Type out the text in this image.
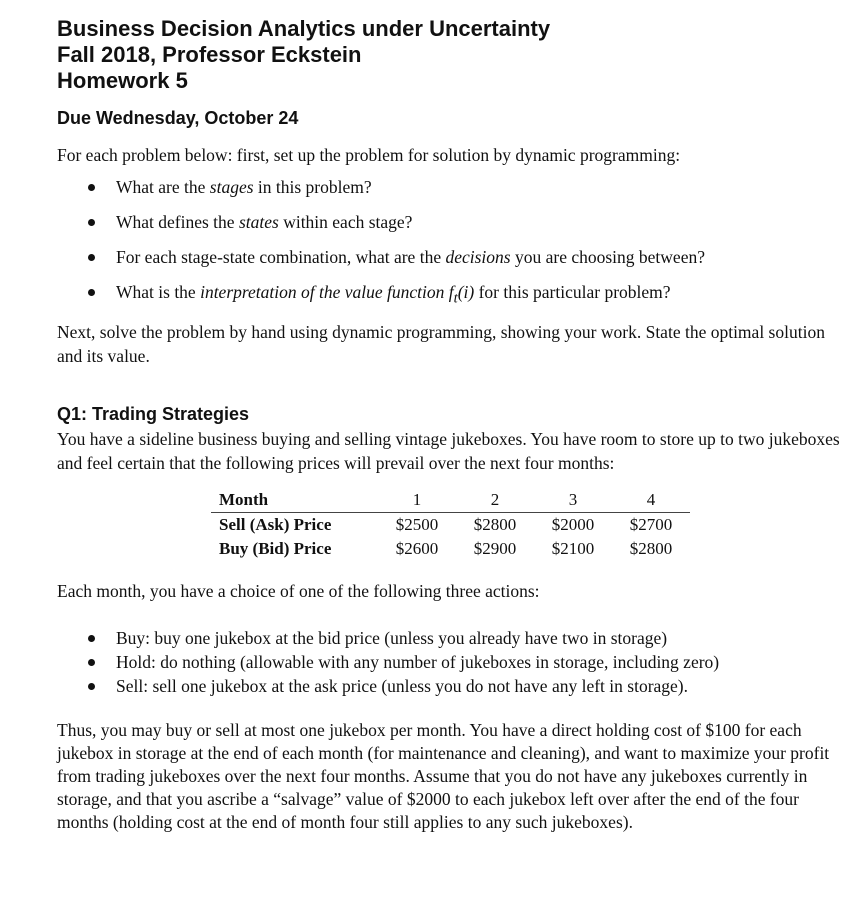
Business Decision Analytics under Uncertainty

Fall 2018, Professor Eckstein

Homework 5

Due Wednesday, October 24

For each problem below: first, set up the problem for solution by dynamic programming:

What are the stages in this problem?
What defines the states within each stage?
For each stage-state combination, what are the decisions you are choosing between?
What is the interpretation of the value function $f_t(i)$ for this particular problem?

Next, solve the problem by hand using dynamic programming, showing your work. State the optimal solution and its value.

Q1: Trading Strategies

You have a sideline business buying and selling vintage jukeboxes. You have room to store up to two jukeboxes and feel certain that the following prices will prevail over the next four months:

Month	1	2	3	4
Sell (Ask) Price	$2500	$2800	$2000	$2700
Buy (Bid) Price	$2600	$2900	$2100	$2800

Each month, you have a choice of one of the following three actions:

Buy: buy one jukebox at the bid price (unless you already have two in storage)
Hold: do nothing (allowable with any number of jukeboxes in storage, including zero)
Sell: sell one jukebox at the ask price (unless you do not have any left in storage).

Thus, you may buy or sell at most one jukebox per month. You have a direct holding cost of $100 for each jukebox in storage at the end of each month (for maintenance and cleaning), and want to maximize your profit from trading jukeboxes over the next four months. Assume that you do not have any jukeboxes currently in storage, and that you ascribe a “salvage” value of $2000 to each jukebox left over after the end of the four months (holding cost at the end of month four still applies to any such jukeboxes).
